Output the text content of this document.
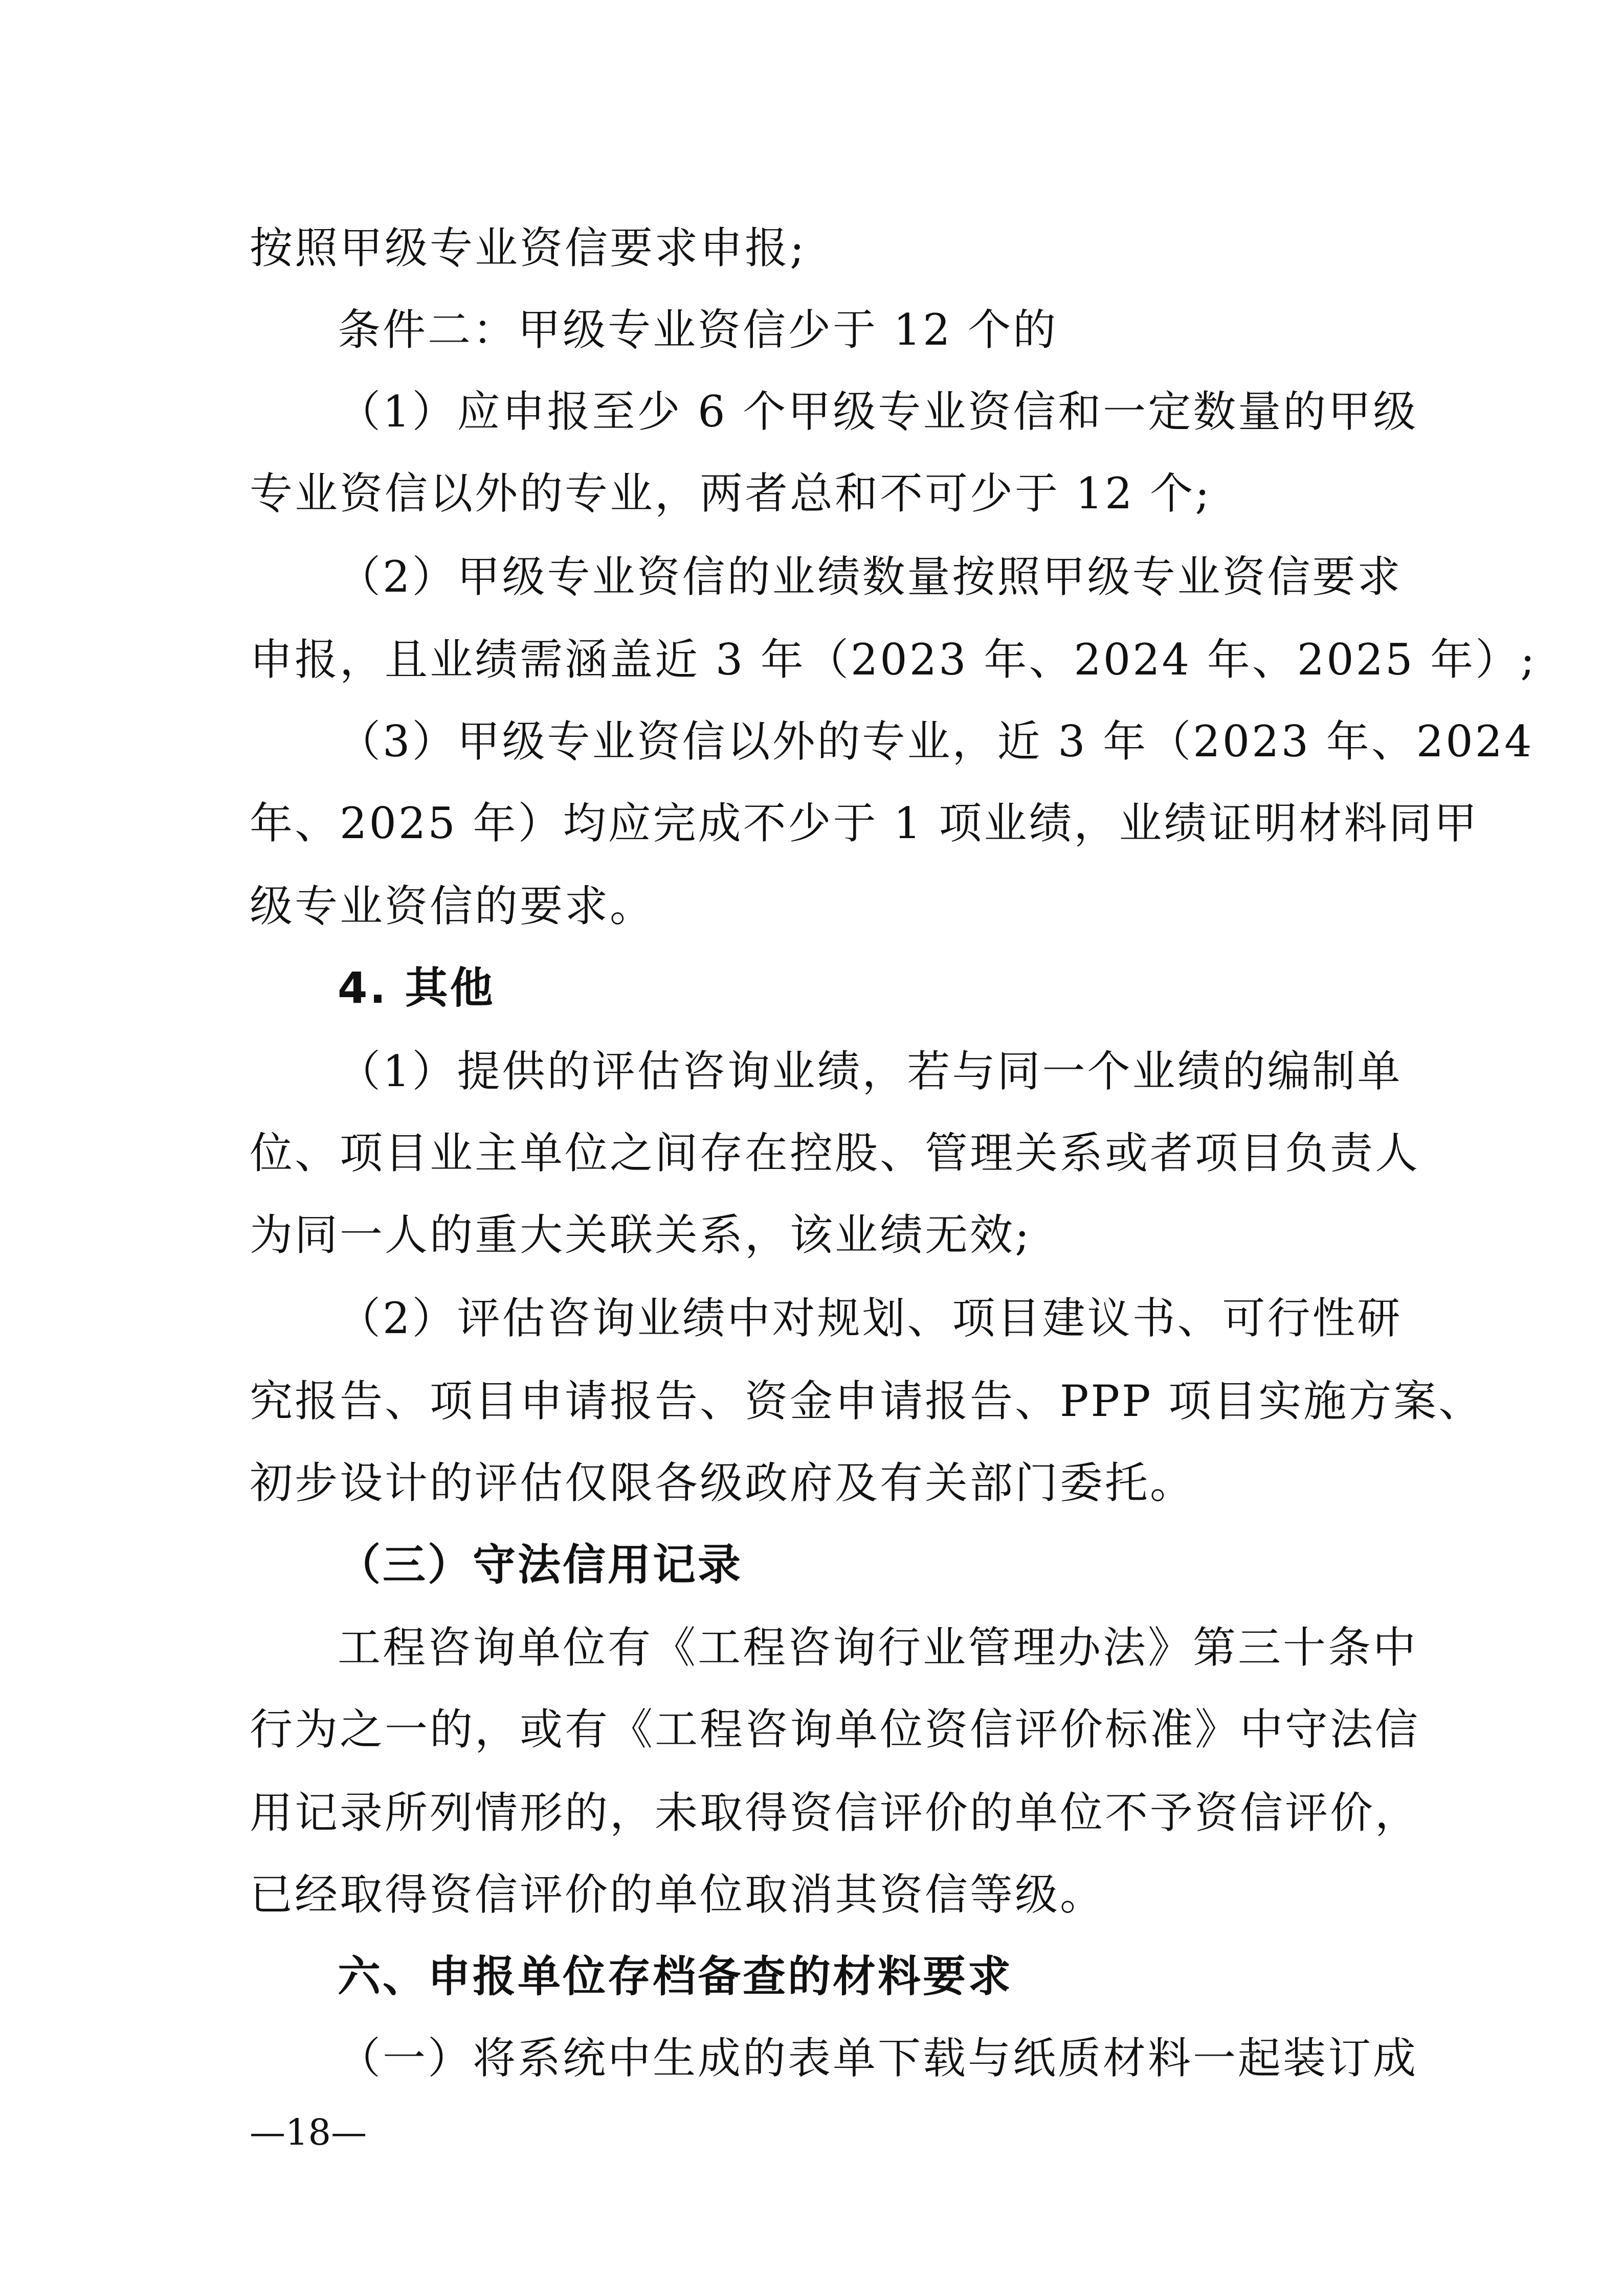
按照甲级专业资信要求申报;
条件二：甲级专业资信少于 12 个的
（1）应申报至少 6 个甲级专业资信和一定数量的甲级
专业资信以外的专业，两者总和不可少于 12 个;
（2）甲级专业资信的业绩数量按照甲级专业资信要求
申报，且业绩需涵盖近 3 年（2023 年、2024 年、2025 年）;
（3）甲级专业资信以外的专业，近 3 年（2023 年、2024
年、2025 年）均应完成不少于 1 项业绩，业绩证明材料同甲
级专业资信的要求。
4. 其他
（1）提供的评估咨询业绩，若与同一个业绩的编制单
位、项目业主单位之间存在控股、管理关系或者项目负责人
为同一人的重大关联关系，该业绩无效;
（2）评估咨询业绩中对规划、项目建议书、可行性研
究报告、项目申请报告、资金申请报告、PPP 项目实施方案、
初步设计的评估仅限各级政府及有关部门委托。
（三）守法信用记录
工程咨询单位有《工程咨询行业管理办法》第三十条中
行为之一的，或有《工程咨询单位资信评价标准》中守法信
用记录所列情形的，未取得资信评价的单位不予资信评价，
已经取得资信评价的单位取消其资信等级。
六、申报单位存档备查的材料要求
（一）将系统中生成的表单下载与纸质材料一起装订成
—18—
